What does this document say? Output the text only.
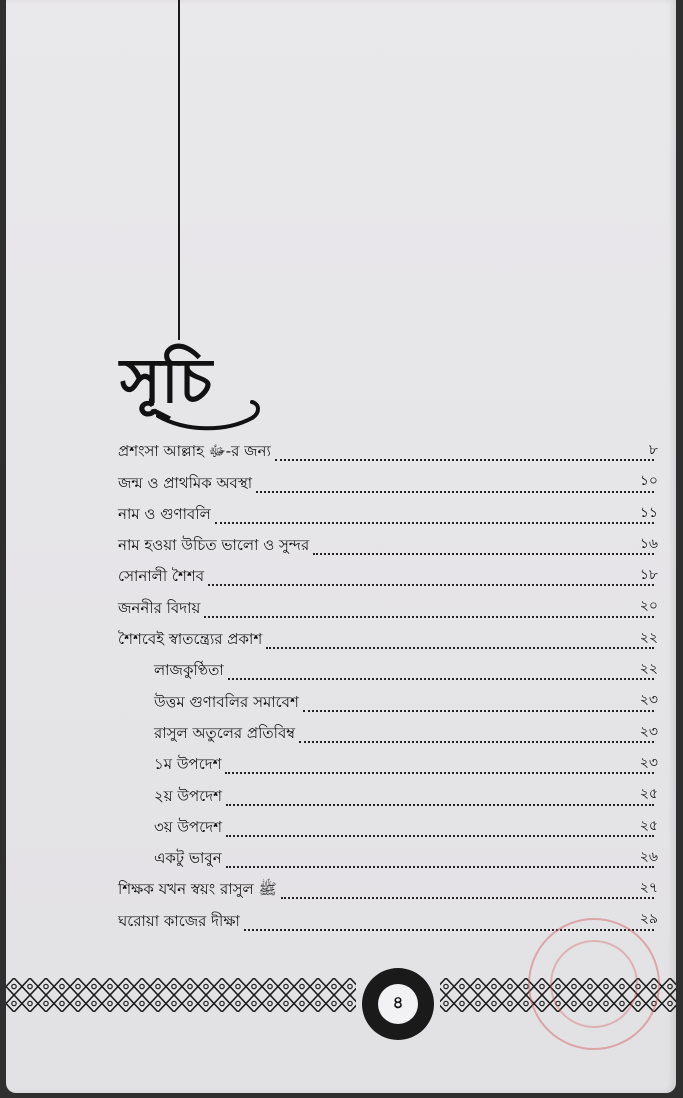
সূচি
প্রশংসা আল্লাহ ﷻ-র জন্য	৮
জন্ম ও প্রাথমিক অবস্থা	১০
নাম ও গুণাবলি	১১
নাম হওয়া উচিত ভালো ও সুন্দর	১৬
সোনালী শৈশব	১৮
জননীর বিদায়	২০
শৈশবেই স্বাতন্ত্র্যের প্রকাশ	২২
লাজকুণ্ঠিতা	২২
উত্তম গুণাবলির সমাবেশ	২৩
রাসুল অতুলের প্রতিবিম্ব	২৩
১ম উপদেশ	২৩
২য় উপদেশ	২৫
৩য় উপদেশ	২৫
একটু ভাবুন	২৬
শিক্ষক যখন স্বয়ং রাসুল ﷺ	২৭
ঘরোয়া কাজের দীক্ষা	২৯
৪
